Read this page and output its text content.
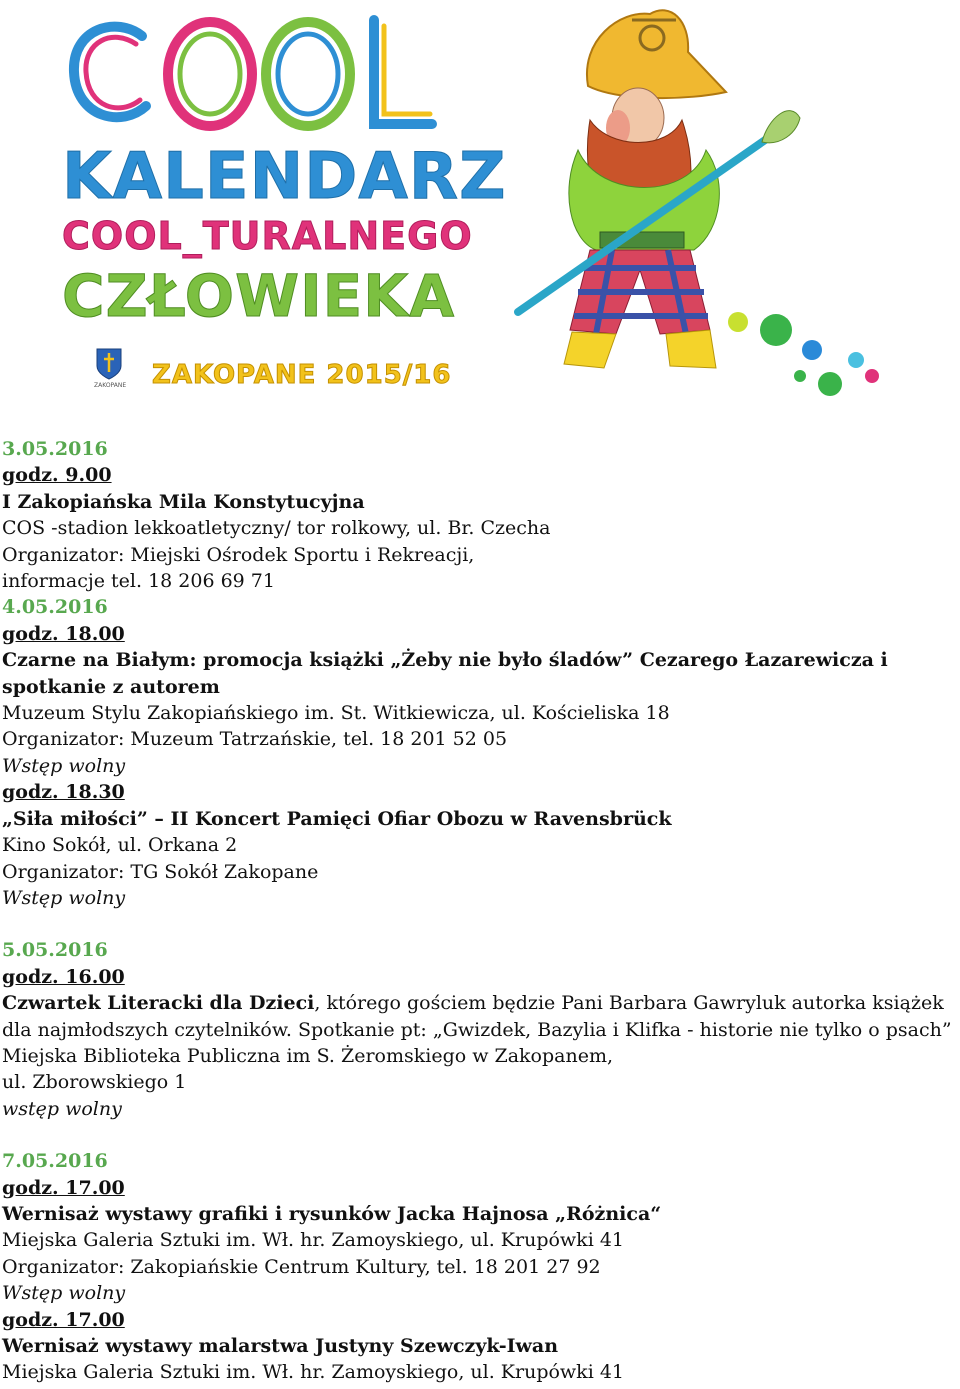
KALENDARZ
COOL_TURALNEGO
CZŁOWIEKA
ZAKOPANE ZAKOPANE 2015/16
3.05.2016
godz. 9.00
I Zakopiańska Mila Konstytucyjna
COS -stadion lekkoatletyczny/ tor rolkowy, ul. Br. Czecha
Organizator: Miejski Ośrodek Sportu i Rekreacji,
informacje tel. 18 206 69 71
4.05.2016
godz. 18.00
Czarne na Białym: promocja książki „Żeby nie było śladów” Cezarego Łazarewicza i spotkanie z autorem
Muzeum Stylu Zakopiańskiego im. St. Witkiewicza, ul. Kościeliska 18
Organizator: Muzeum Tatrzańskie, tel. 18 201 52 05
Wstęp wolny
godz. 18.30
„Siła miłości” – II Koncert Pamięci Ofiar Obozu w Ravensbrück
Kino Sokół, ul. Orkana 2
Organizator: TG Sokół Zakopane
Wstęp wolny
5.05.2016
godz. 16.00
Czwartek Literacki dla Dzieci, którego gościem będzie Pani Barbara Gawryluk autorka książek dla najmłodszych czytelników. Spotkanie pt: „Gwizdek, Bazylia i Klifka - historie nie tylko o psach”
Miejska Biblioteka Publiczna im S. Żeromskiego w Zakopanem,
ul. Zborowskiego 1
wstęp wolny
7.05.2016
godz. 17.00
Wernisaż wystawy grafiki i rysunków Jacka Hajnosa „Różnica“
Miejska Galeria Sztuki im. Wł. hr. Zamoyskiego, ul. Krupówki 41
Organizator: Zakopiańskie Centrum Kultury, tel. 18 201 27 92
Wstęp wolny
godz. 17.00
Wernisaż wystawy malarstwa Justyny Szewczyk-Iwan
Miejska Galeria Sztuki im. Wł. hr. Zamoyskiego, ul. Krupówki 41
